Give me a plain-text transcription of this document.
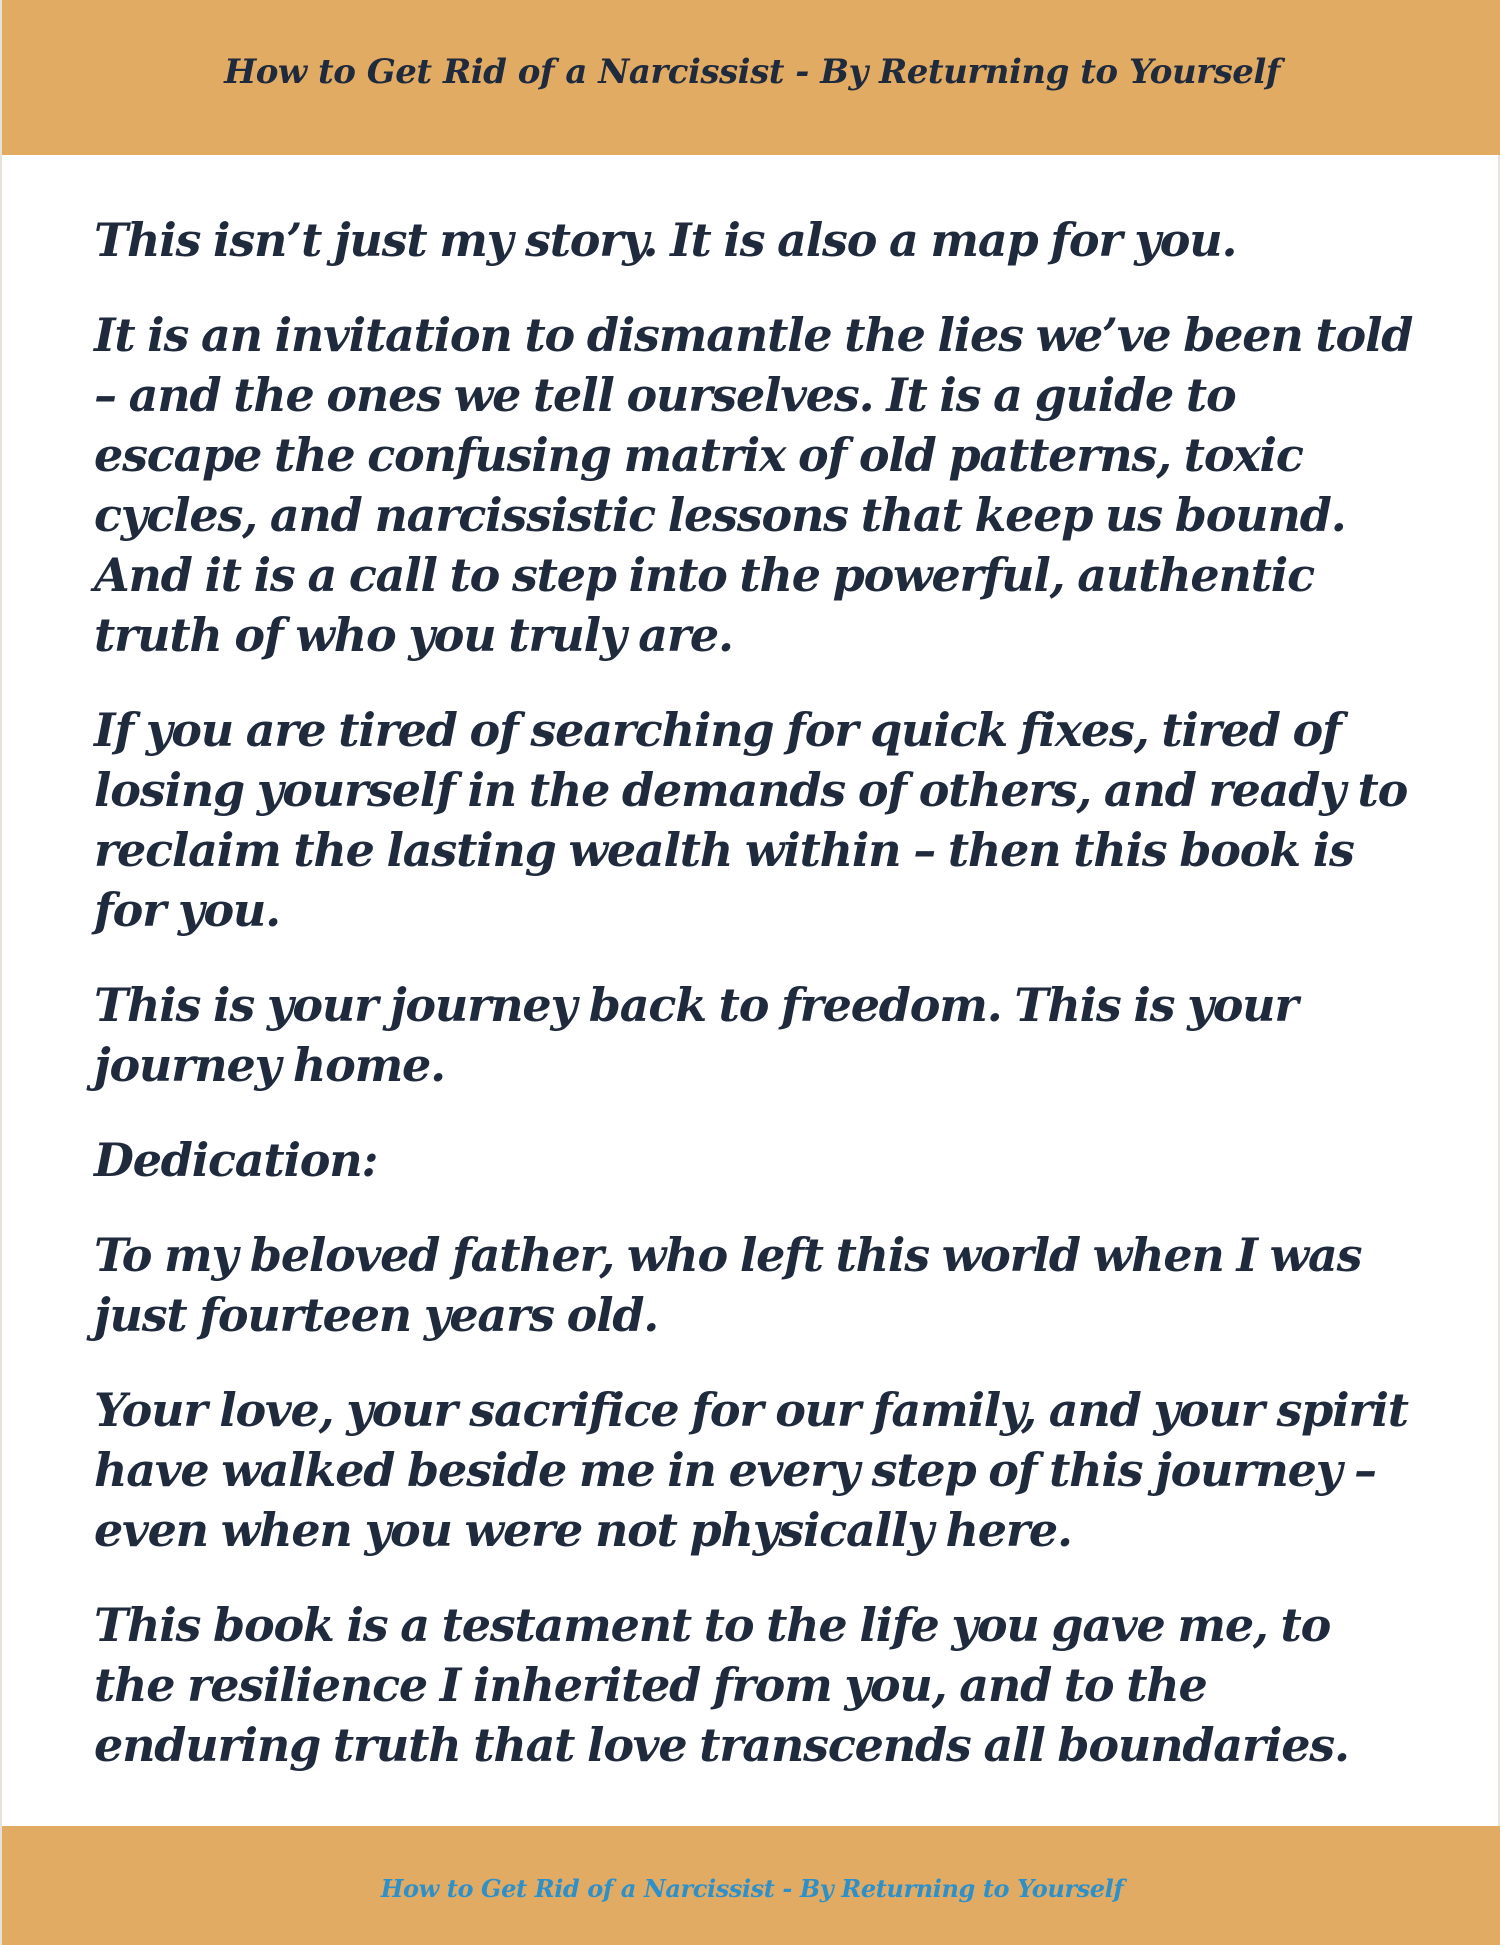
How to Get Rid of a Narcissist - By Returning to Yourself

This isn’t just my story. It is also a map for you.

It is an invitation to dismantle the lies we’ve been told – and the ones we tell ourselves. It is a guide to escape the confusing matrix of old patterns, toxic cycles, and narcissistic lessons that keep us bound. And it is a call to step into the powerful, authentic truth of who you truly are.

If you are tired of searching for quick fixes, tired of losing yourself in the demands of others, and ready to reclaim the lasting wealth within – then this book is for you.

This is your journey back to freedom. This is your journey home.

Dedication:

To my beloved father, who left this world when I was just fourteen years old.

Your love, your sacrifice for our family, and your spirit have walked beside me in every step of this journey – even when you were not physically here.

This book is a testament to the life you gave me, to the resilience I inherited from you, and to the enduring truth that love transcends all boundaries.

How to Get Rid of a Narcissist - By Returning to Yourself
